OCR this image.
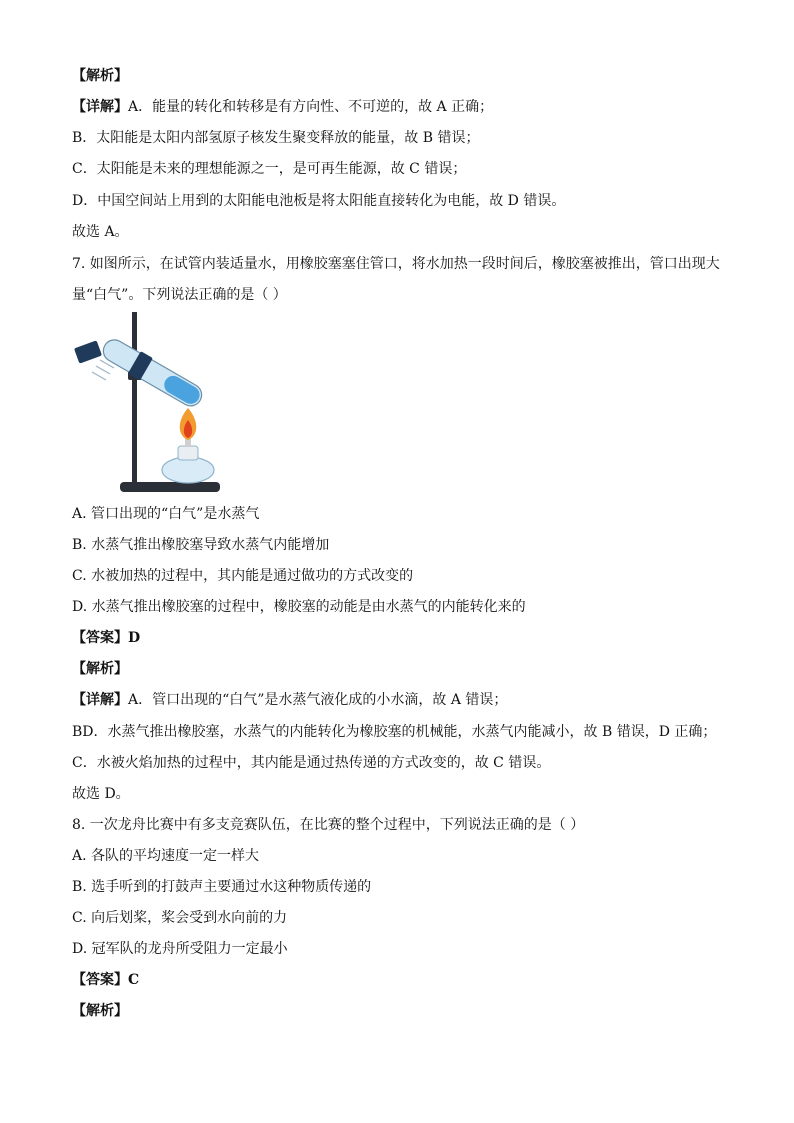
【解析】
【详解】A．能量的转化和转移是有方向性、不可逆的，故 A 正确；
B．太阳能是太阳内部氢原子核发生聚变释放的能量，故 B 错误；
C．太阳能是未来的理想能源之一，是可再生能源，故 C 错误；
D．中国空间站上用到的太阳能电池板是将太阳能直接转化为电能，故 D 错误。
故选 A。
7. 如图所示，在试管内装适量水，用橡胶塞塞住管口，将水加热一段时间后，橡胶塞被推出，管口出现大
量“白气”。下列说法正确的是（ ）
A. 管口出现的“白气”是水蒸气
B. 水蒸气推出橡胶塞导致水蒸气内能增加
C. 水被加热的过程中，其内能是通过做功的方式改变的
D. 水蒸气推出橡胶塞的过程中，橡胶塞的动能是由水蒸气的内能转化来的
【答案】D
【解析】
【详解】A．管口出现的“白气”是水蒸气液化成的小水滴，故 A 错误；
BD．水蒸气推出橡胶塞，水蒸气的内能转化为橡胶塞的机械能，水蒸气内能减小，故 B 错误，D 正确；
C．水被火焰加热的过程中，其内能是通过热传递的方式改变的，故 C 错误。
故选 D。
8. 一次龙舟比赛中有多支竞赛队伍，在比赛的整个过程中，下列说法正确的是（ ）
A. 各队的平均速度一定一样大
B. 选手听到的打鼓声主要通过水这种物质传递的
C. 向后划桨，桨会受到水向前的力
D. 冠军队的龙舟所受阻力一定最小
【答案】C
【解析】
